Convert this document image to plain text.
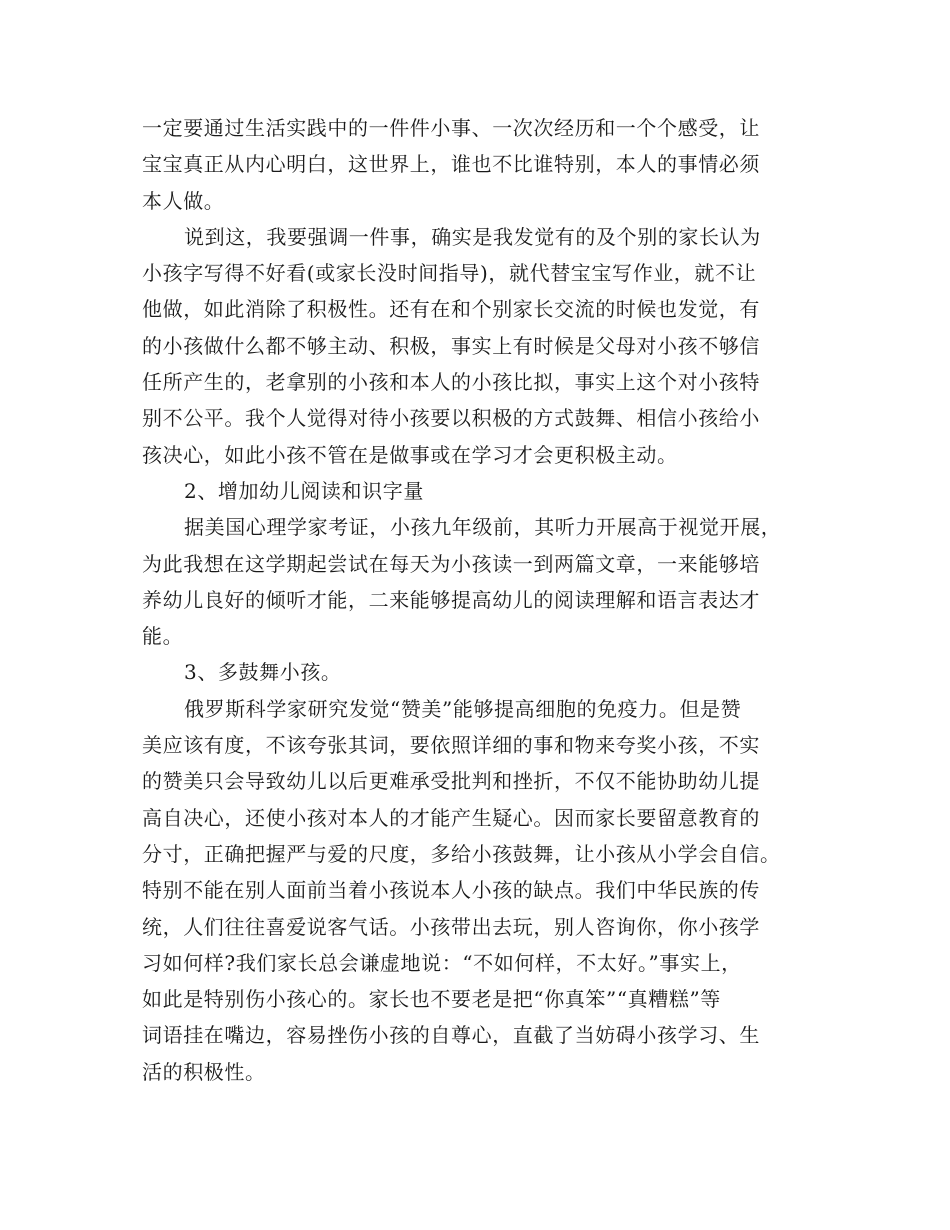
一定要通过生活实践中的一件件小事、一次次经历和一个个感受，让
宝宝真正从内心明白，这世界上，谁也不比谁特别，本人的事情必须
本人做。
说到这，我要强调一件事，确实是我发觉有的及个别的家长认为
小孩字写得不好看(或家长没时间指导)，就代替宝宝写作业，就不让
他做，如此消除了积极性。还有在和个别家长交流的时候也发觉，有
的小孩做什么都不够主动、积极，事实上有时候是父母对小孩不够信
任所产生的，老拿别的小孩和本人的小孩比拟，事实上这个对小孩特
别不公平。我个人觉得对待小孩要以积极的方式鼓舞、相信小孩给小
孩决心，如此小孩不管在是做事或在学习才会更积极主动。
2、增加幼儿阅读和识字量
据美国心理学家考证，小孩九年级前，其听力开展高于视觉开展，
为此我想在这学期起尝试在每天为小孩读一到两篇文章，一来能够培
养幼儿良好的倾听才能，二来能够提高幼儿的阅读理解和语言表达才
能。
3、多鼓舞小孩。
俄罗斯科学家研究发觉“赞美”能够提高细胞的免疫力。但是赞
美应该有度，不该夸张其词，要依照详细的事和物来夸奖小孩，不实
的赞美只会导致幼儿以后更难承受批判和挫折，不仅不能协助幼儿提
高自决心，还使小孩对本人的才能产生疑心。因而家长要留意教育的
分寸，正确把握严与爱的尺度，多给小孩鼓舞，让小孩从小学会自信。
特别不能在别人面前当着小孩说本人小孩的缺点。我们中华民族的传
统，人们往往喜爱说客气话。小孩带出去玩，别人咨询你，你小孩学
习如何样?我们家长总会谦虚地说：“不如何样，不太好。”事实上，
如此是特别伤小孩心的。家长也不要老是把“你真笨”“真糟糕”等
词语挂在嘴边，容易挫伤小孩的自尊心，直截了当妨碍小孩学习、生
活的积极性。
